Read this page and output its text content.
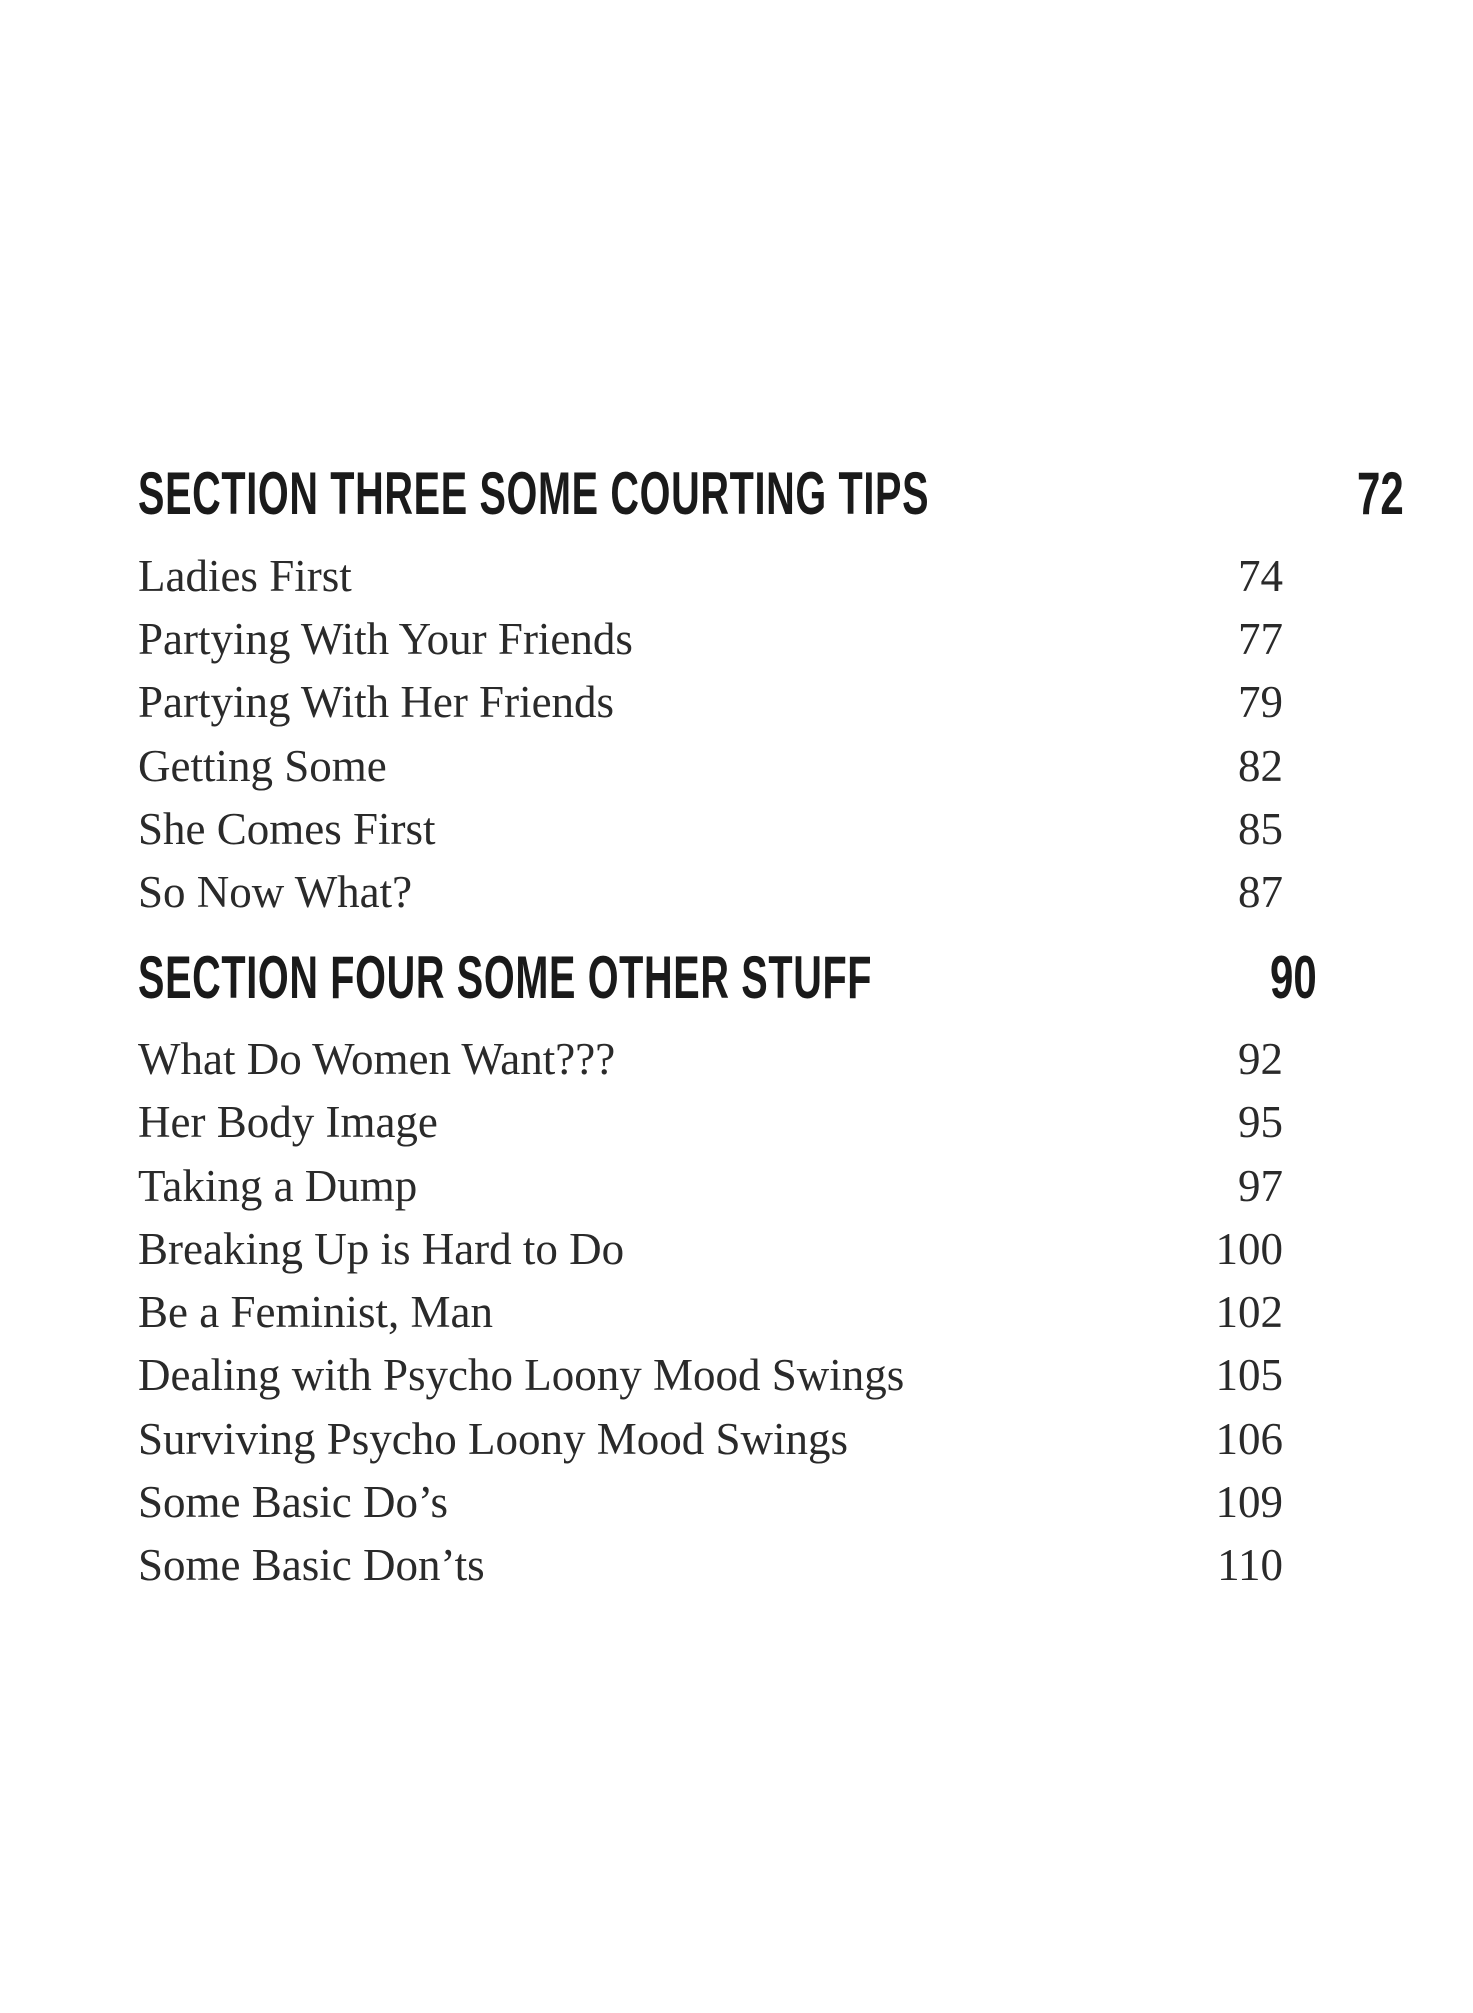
SECTION THREE SOME COURTING TIPS	72
Ladies First	74
Partying With Your Friends	77
Partying With Her Friends	79
Getting Some	82
She Comes First	85
So Now What?	87
SECTION FOUR SOME OTHER STUFF	90
What Do Women Want???	92
Her Body Image	95
Taking a Dump	97
Breaking Up is Hard to Do	100
Be a Feminist, Man	102
Dealing with Psycho Loony Mood Swings	105
Surviving Psycho Loony Mood Swings	106
Some Basic Do’s	109
Some Basic Don’ts	110
